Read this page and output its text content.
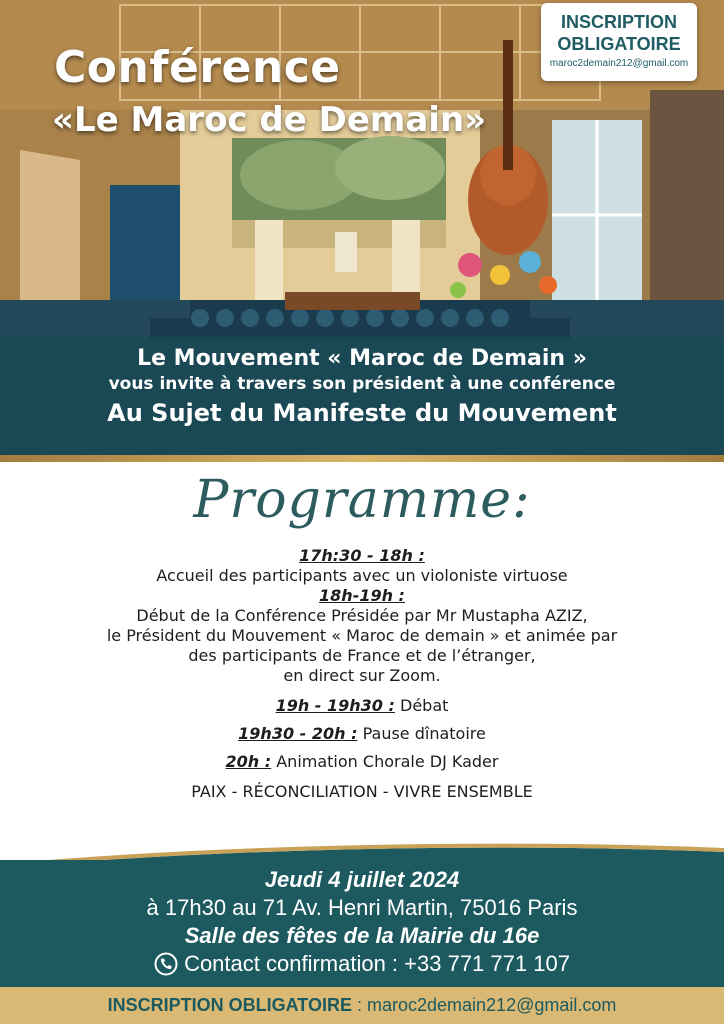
Conférence
«Le Maroc de Demain»
INSCRIPTION
OBLIGATOIRE
maroc2demain212@gmail.com
Le Mouvement « Maroc de Demain »
vous invite à travers son président à une conférence
Au Sujet du Manifeste du Mouvement
Programme:

17h:30 - 18h :

Accueil des participants avec un violoniste virtuose

18h-19h :

Début de la Conférence Présidée par Mr Mustapha AZIZ,

le Président du Mouvement « Maroc de demain » et animée par

des participants de France et de l’étranger,

en direct sur Zoom.

19h - 19h30 : Débat

19h30 - 20h : Pause dînatoire

20h : Animation Chorale DJ Kader

PAIX - RÉCONCILIATION - VIVRE ENSEMBLE

Jeudi 4 juillet 2024
à 17h30 au 71 Av. Henri Martin, 75016 Paris
Salle des fêtes de la Mairie du 16e
Contact confirmation : +33 771 771 107
INSCRIPTION OBLIGATOIRE : maroc2demain212@gmail.com
